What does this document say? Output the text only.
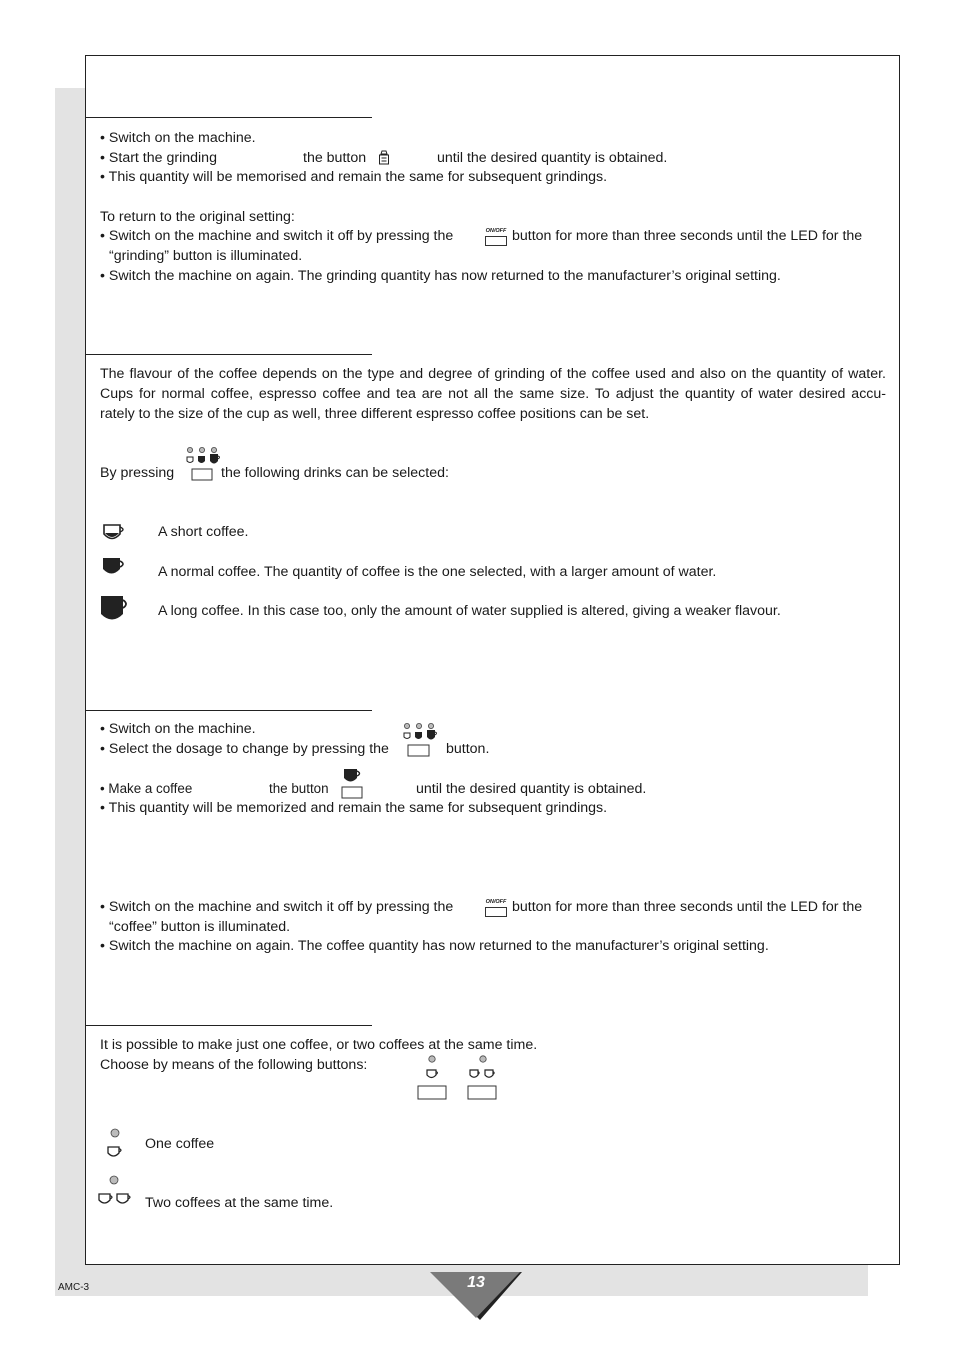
• Switch on the machine.
• Start the grinding	the button	until the desired quantity is obtained.
• This quantity will be memorised and remain the same for subsequent grindings.
To return to the original setting:
• Switch on the machine and switch it off by pressing the	ON/OFF button for more than three seconds until the LED for the
“grinding” button is illuminated.
• Switch the machine on again. The grinding quantity has now returned to the manufacturer’s original setting.
The flavour of the coffee depends on the type and degree of grinding of the coffee used and also on the quantity of water.
Cups for normal coffee, espresso coffee and tea are not all the same size. To adjust the quantity of water desired accu-
rately to the size of the cup as well, three different espresso coffee positions can be set.
By pressing	the following drinks can be selected:
A short coffee.
A normal coffee. The quantity of coffee is the one selected, with a larger amount of water.
A long coffee. In this case too, only the amount of water supplied is altered, giving a weaker flavour.
• Switch on the machine.
• Select the dosage to change by pressing the	button.
• Make a coffee	the button	until the desired quantity is obtained.
• This quantity will be memorized and remain the same for subsequent grindings.
• Switch on the machine and switch it off by pressing the	ON/OFF button for more than three seconds until the LED for the
“coffee” button is illuminated.
• Switch the machine on again. The coffee quantity has now returned to the manufacturer’s original setting.
It is possible to make just one coffee, or two coffees at the same time.
Choose by means of the following buttons:
One coffee
Two coffees at the same time.
AMC-3	13
